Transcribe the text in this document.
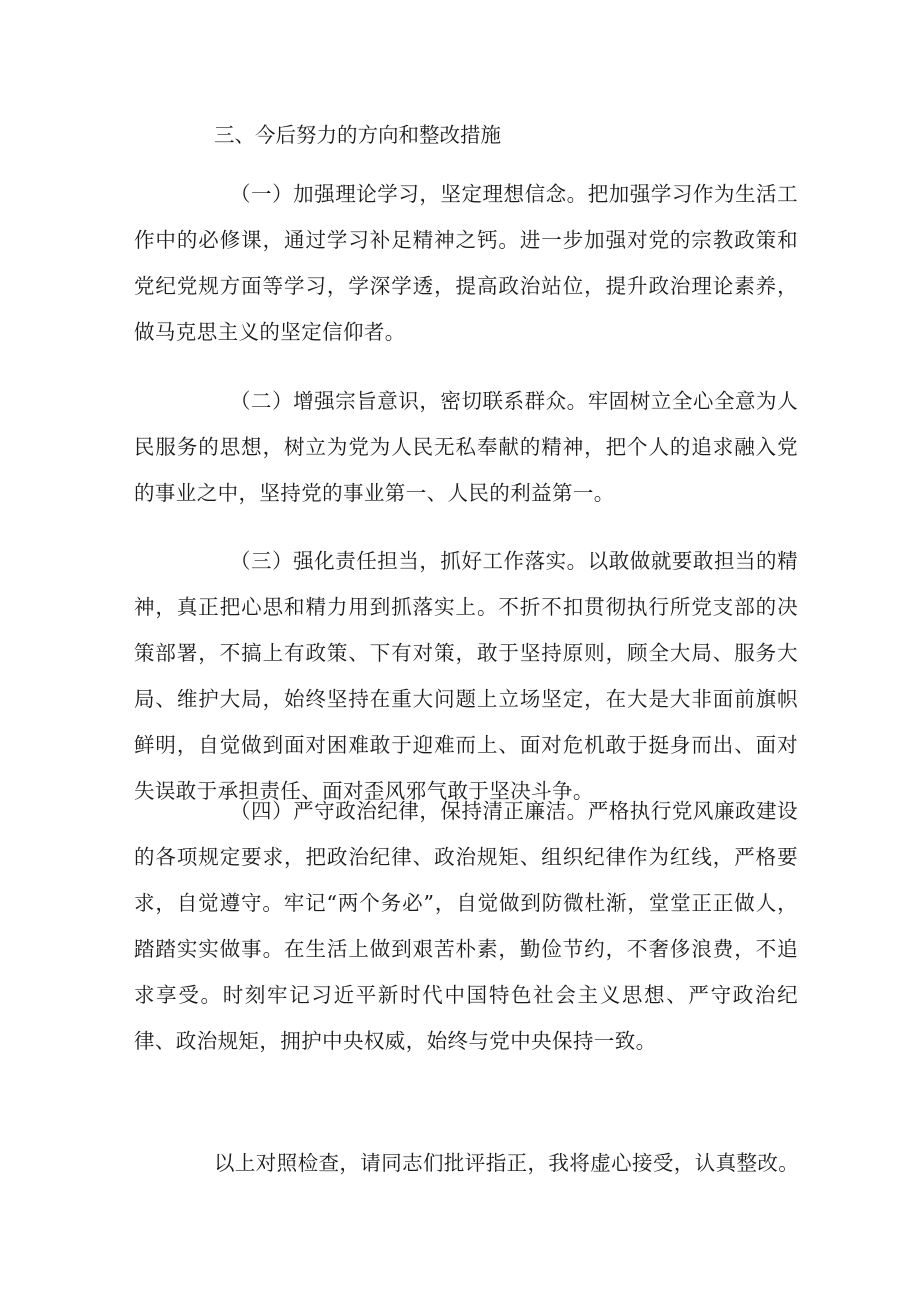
三、今后努力的方向和整改措施

（一）加强理论学习，坚定理想信念。把加强学习作为生活工作中的必修课，通过学习补足精神之钙。进一步加强对党的宗教政策和党纪党规方面等学习，学深学透，提高政治站位，提升政治理论素养，做马克思主义的坚定信仰者。

（二）增强宗旨意识，密切联系群众。牢固树立全心全意为人民服务的思想，树立为党为人民无私奉献的精神，把个人的追求融入党的事业之中，坚持党的事业第一、人民的利益第一。

（三）强化责任担当，抓好工作落实。以敢做就要敢担当的精神，真正把心思和精力用到抓落实上。不折不扣贯彻执行所党支部的决策部署，不搞上有政策、下有对策，敢于坚持原则，顾全大局、服务大局、维护大局，始终坚持在重大问题上立场坚定，在大是大非面前旗帜鲜明，自觉做到面对困难敢于迎难而上、面对危机敢于挺身而出、面对失误敢于承担责任、面对歪风邪气敢于坚决斗争。

（四）严守政治纪律，保持清正廉洁。严格执行党风廉政建设的各项规定要求，把政治纪律、政治规矩、组织纪律作为红线，严格要求，自觉遵守。牢记“两个务必”，自觉做到防微杜渐，堂堂正正做人，踏踏实实做事。在生活上做到艰苦朴素，勤俭节约，不奢侈浪费，不追求享受。时刻牢记习近平新时代中国特色社会主义思想、严守政治纪律、政治规矩，拥护中央权威，始终与党中央保持一致。

以上对照检查，请同志们批评指正，我将虚心接受，认真整改。
